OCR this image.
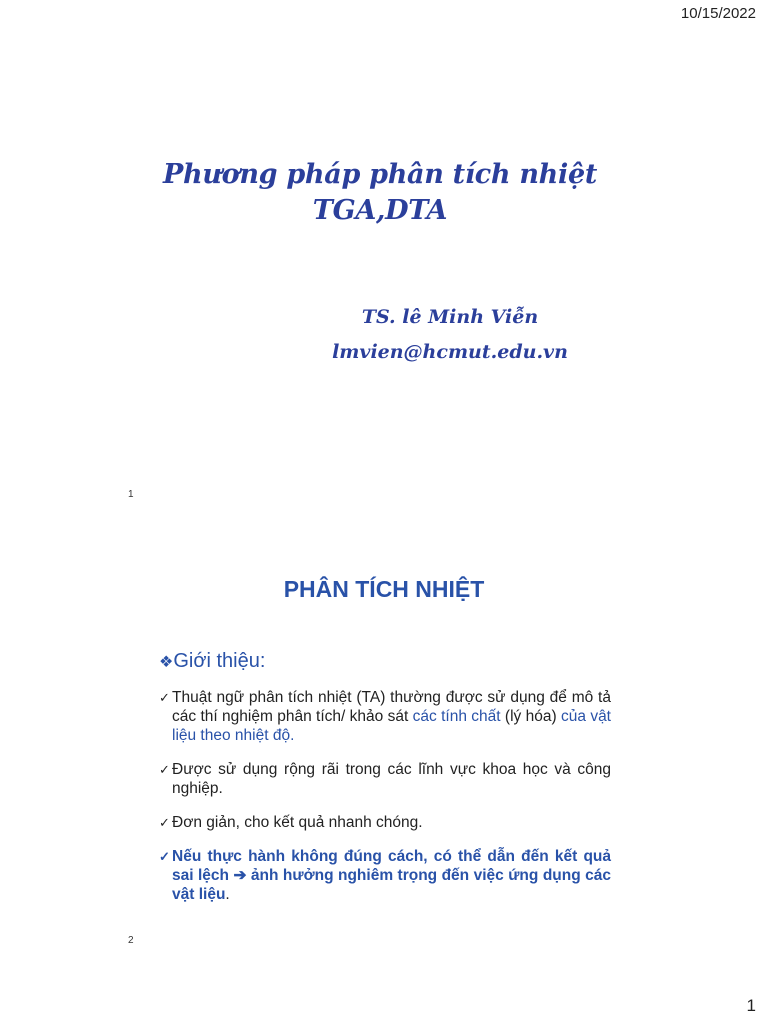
10/15/2022
Phương pháp phân tích nhiệt
TGA,DTA
TS. lê Minh Viễn
lmvien@hcmut.edu.vn
1
PHÂN TÍCH NHIỆT
❖Giới thiệu:
✓ Thuật ngữ phân tích nhiệt (TA) thường được sử dụng để mô tả các thí nghiệm phân tích/ khảo sát các tính chất (lý hóa) của vật liệu theo nhiệt độ.
✓ Được sử dụng rộng rãi trong các lĩnh vực khoa học và công nghiệp.
✓ Đơn giản, cho kết quả nhanh chóng.
✓ Nếu thực hành không đúng cách, có thể dẫn đến kết quả sai lệch ➔ ảnh hưởng nghiêm trọng đến việc ứng dụng các vật liệu.
2
1
